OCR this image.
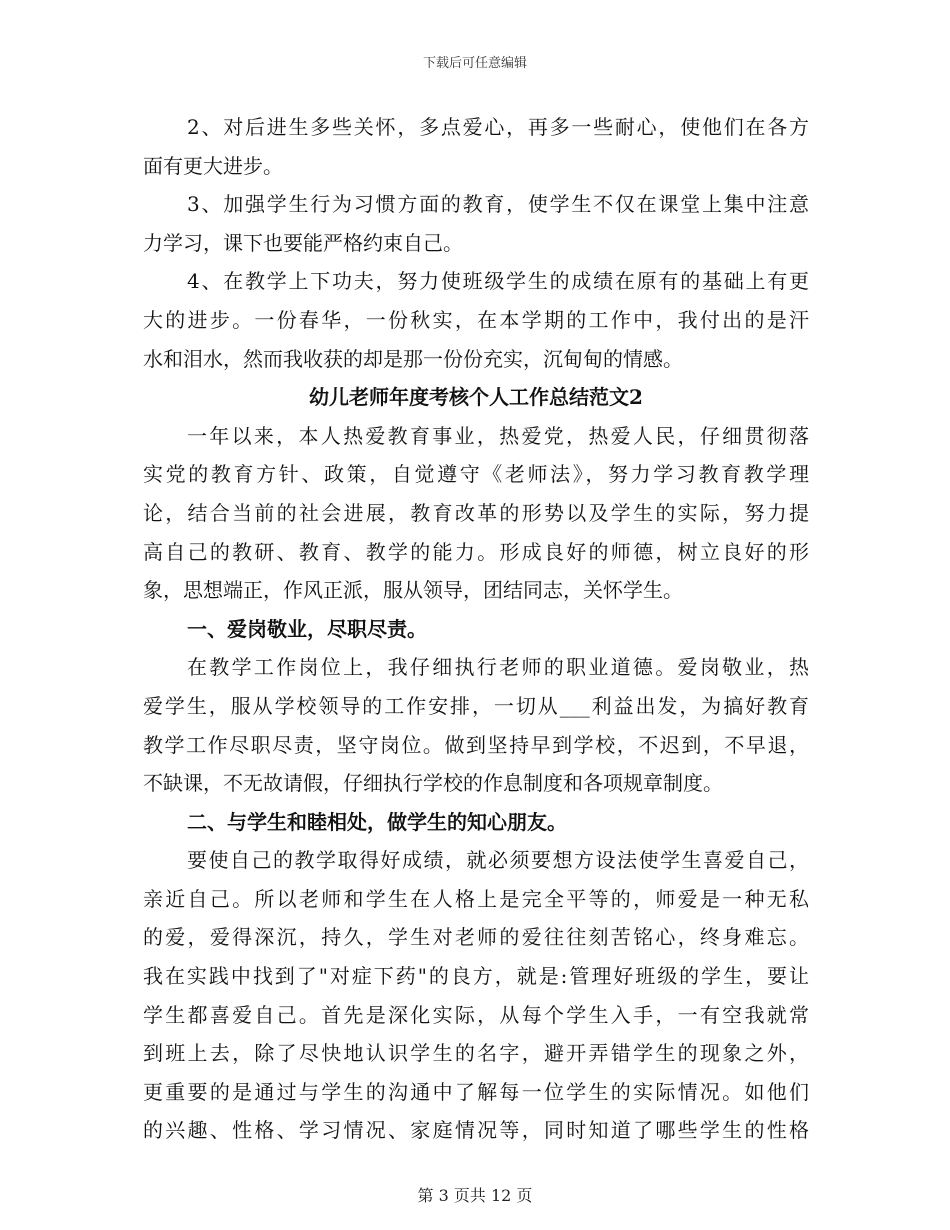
下载后可任意编辑
2、对后进生多些关怀，多点爱心，再多一些耐心，使他们在各方
面有更大进步。
3、加强学生行为习惯方面的教育，使学生不仅在课堂上集中注意
力学习，课下也要能严格约束自己。
4、在教学上下功夫，努力使班级学生的成绩在原有的基础上有更
大的进步。一份春华，一份秋实，在本学期的工作中，我付出的是汗
水和泪水，然而我收获的却是那一份份充实，沉甸甸的情感。
幼儿老师年度考核个人工作总结范文2
一年以来，本人热爱教育事业，热爱党，热爱人民，仔细贯彻落
实党的教育方针、政策，自觉遵守《老师法》，努力学习教育教学理
论，结合当前的社会进展，教育改革的形势以及学生的实际，努力提
高自己的教研、教育、教学的能力。形成良好的师德，树立良好的形
象，思想端正，作风正派，服从领导，团结同志，关怀学生。
一、爱岗敬业，尽职尽责。
在教学工作岗位上，我仔细执行老师的职业道德。爱岗敬业，热
爱学生，服从学校领导的工作安排，一切从___利益出发，为搞好教育
教学工作尽职尽责，坚守岗位。做到坚持早到学校，不迟到，不早退，
不缺课，不无故请假，仔细执行学校的作息制度和各项规章制度。
二、与学生和睦相处，做学生的知心朋友。
要使自己的教学取得好成绩，就必须要想方设法使学生喜爱自己，
亲近自己。所以老师和学生在人格上是完全平等的，师爱是一种无私
的爱，爱得深沉，持久，学生对老师的爱往往刻苦铭心，终身难忘。
我在实践中找到了"对症下药"的良方，就是:管理好班级的学生，要让
学生都喜爱自己。首先是深化实际，从每个学生入手，一有空我就常
到班上去，除了尽快地认识学生的名字，避开弄错学生的现象之外，
更重要的是通过与学生的沟通中了解每一位学生的实际情况。如他们
的兴趣、性格、学习情况、家庭情况等，同时知道了哪些学生的性格
第 3 页共 12 页
